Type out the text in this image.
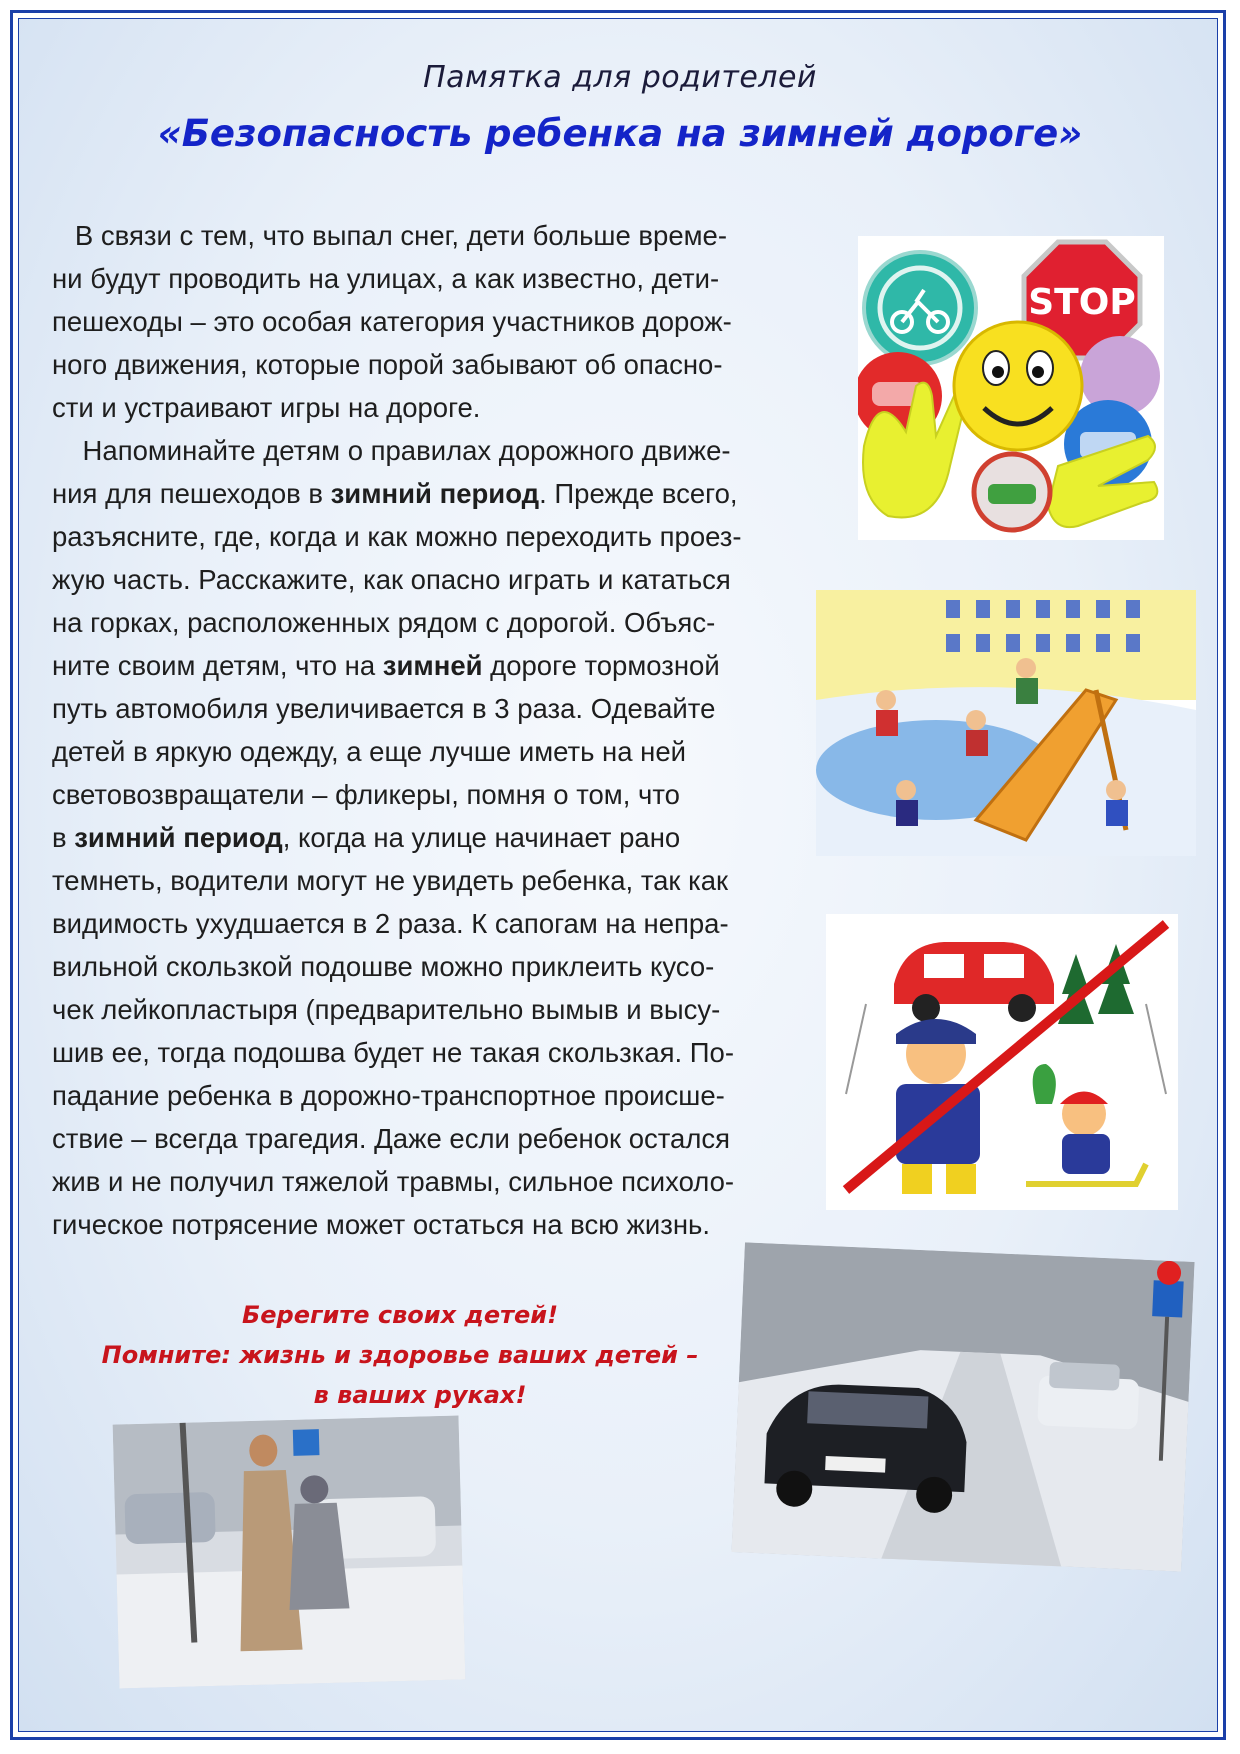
Памятка для родителей
«Безопасность ребенка на зимней дороге»
В связи с тем, что выпал снег, дети больше време-
ни будут проводить на улицах, а как известно, дети-
пешеходы – это особая категория участников дорож-
ного движения, которые порой забывают об опасно-
сти и устраивают игры на дороге.
Напоминайте детям о правилах дорожного движе-
ния для пешеходов в зимний период. Прежде всего,
разъясните, где, когда и как можно переходить проез-
жую часть. Расскажите, как опасно играть и кататься
на горках, расположенных рядом с дорогой. Объяс-
ните своим детям, что на зимней дороге тормозной
путь автомобиля увеличивается в 3 раза. Одевайте
детей в яркую одежду, а еще лучше иметь на ней
световозвращатели – фликеры, помня о том, что
в зимний период, когда на улице начинает рано
темнеть, водители могут не увидеть ребенка, так как
видимость ухудшается в 2 раза. К сапогам на непра-
вильной скользкой подошве можно приклеить кусо-
чек лейкопластыря (предварительно вымыв и высу-
шив ее, тогда подошва будет не такая скользкая. По-
падание ребенка в дорожно-транспортное происше-
ствие – всегда трагедия. Даже если ребенок остался
жив и не получил тяжелой травмы, сильное психоло-
гическое потрясение может остаться на всю жизнь.
STOP
Берегите своих детей!
Помните: жизнь и здоровье ваших детей –
в ваших руках!
